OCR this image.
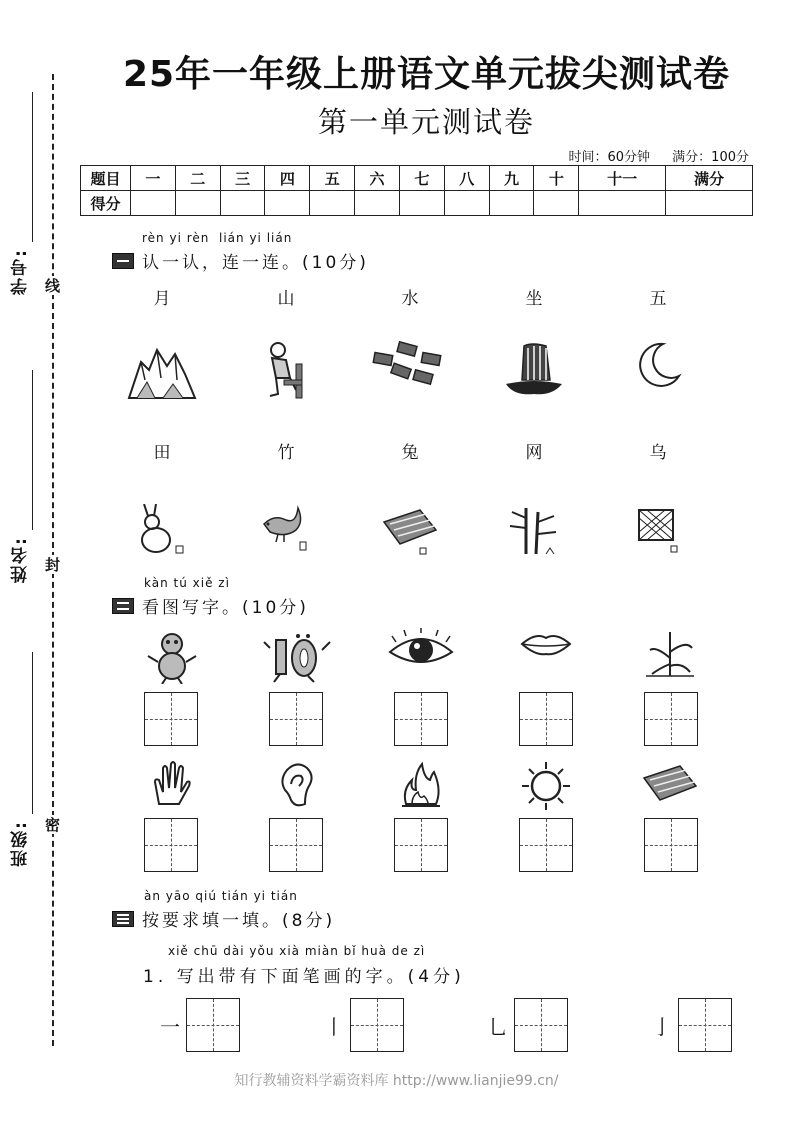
学号:
姓名:
班级:
线
封
密
25年一年级上册语文单元拔尖测试卷
第一单元测试卷
时间：60分钟 满分：100分
题目	一	二	三	四	五	六	七	八	九	十	十一	满分
得分												
rèn yi rèn  lián yi lián
认一认，连一连。(10分)
月	山	水	坐	五
田	竹	兔	网	乌
kàn tú xiě zì
看图写字。(10分)
àn yāo qiú tián yi tián
按要求填一填。(8分)
xiě chū dài yǒu xià miàn bǐ huà de zì
1. 写出带有下面笔画的字。(4分)
一	丨	乚	亅
知行教辅资料学霸资料库 http://www.lianjie99.cn/
